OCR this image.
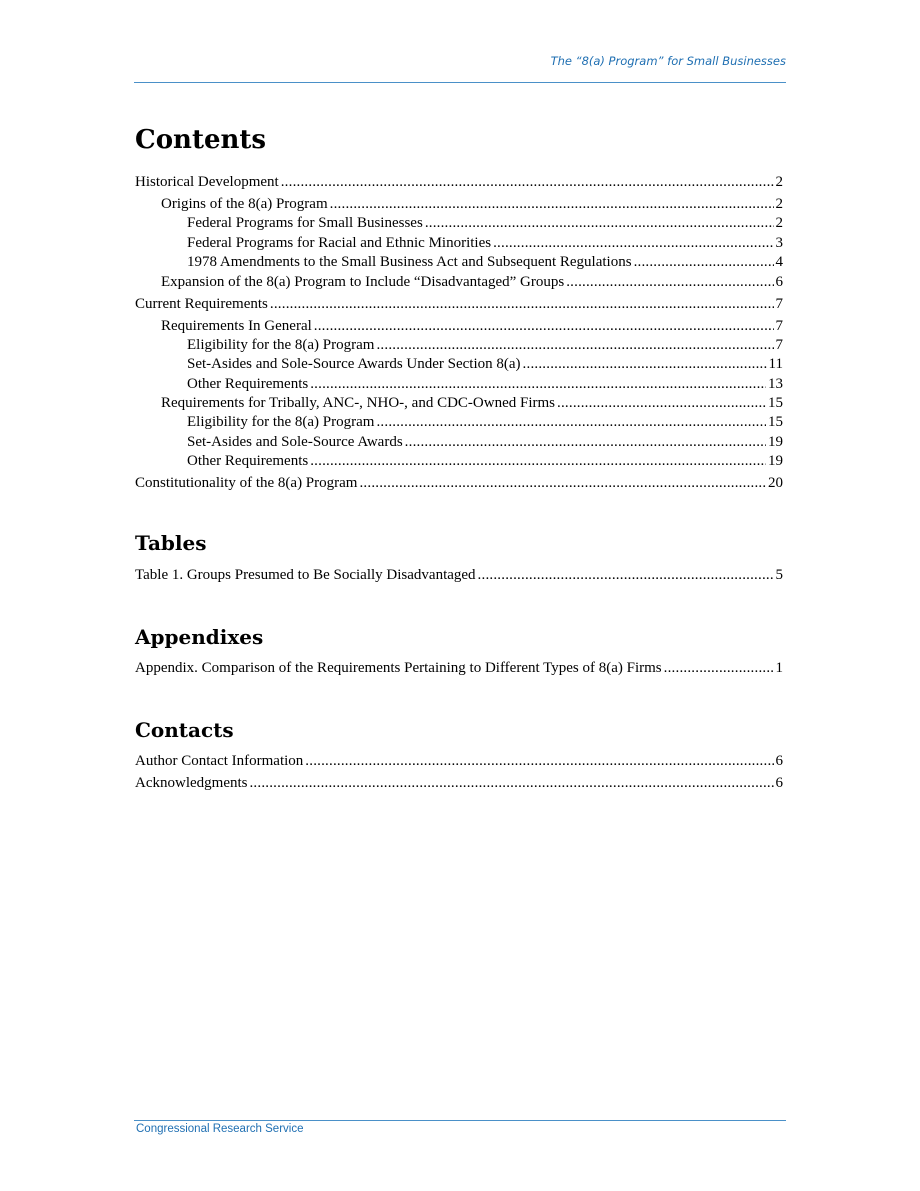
The “8(a) Program” for Small Businesses
Contents
Historical Development .....	2
Origins of the 8(a) Program .....	2
Federal Programs for Small Businesses .....	2
Federal Programs for Racial and Ethnic Minorities .....	3
1978 Amendments to the Small Business Act and Subsequent Regulations .....	4
Expansion of the 8(a) Program to Include “Disadvantaged” Groups .....	6
Current Requirements .....	7
Requirements In General .....	7
Eligibility for the 8(a) Program .....	7
Set-Asides and Sole-Source Awards Under Section 8(a) .....	11
Other Requirements .....	13
Requirements for Tribally, ANC-, NHO-, and CDC-Owned Firms .....	15
Eligibility for the 8(a) Program .....	15
Set-Asides and Sole-Source Awards .....	19
Other Requirements .....	19
Constitutionality of the 8(a) Program .....	20
Tables
Table 1. Groups Presumed to Be Socially Disadvantaged .....	5
Appendixes
Appendix. Comparison of the Requirements Pertaining to Different Types of 8(a) Firms .....	1
Contacts
Author Contact Information .....	6
Acknowledgments .....	6
Congressional Research Service
